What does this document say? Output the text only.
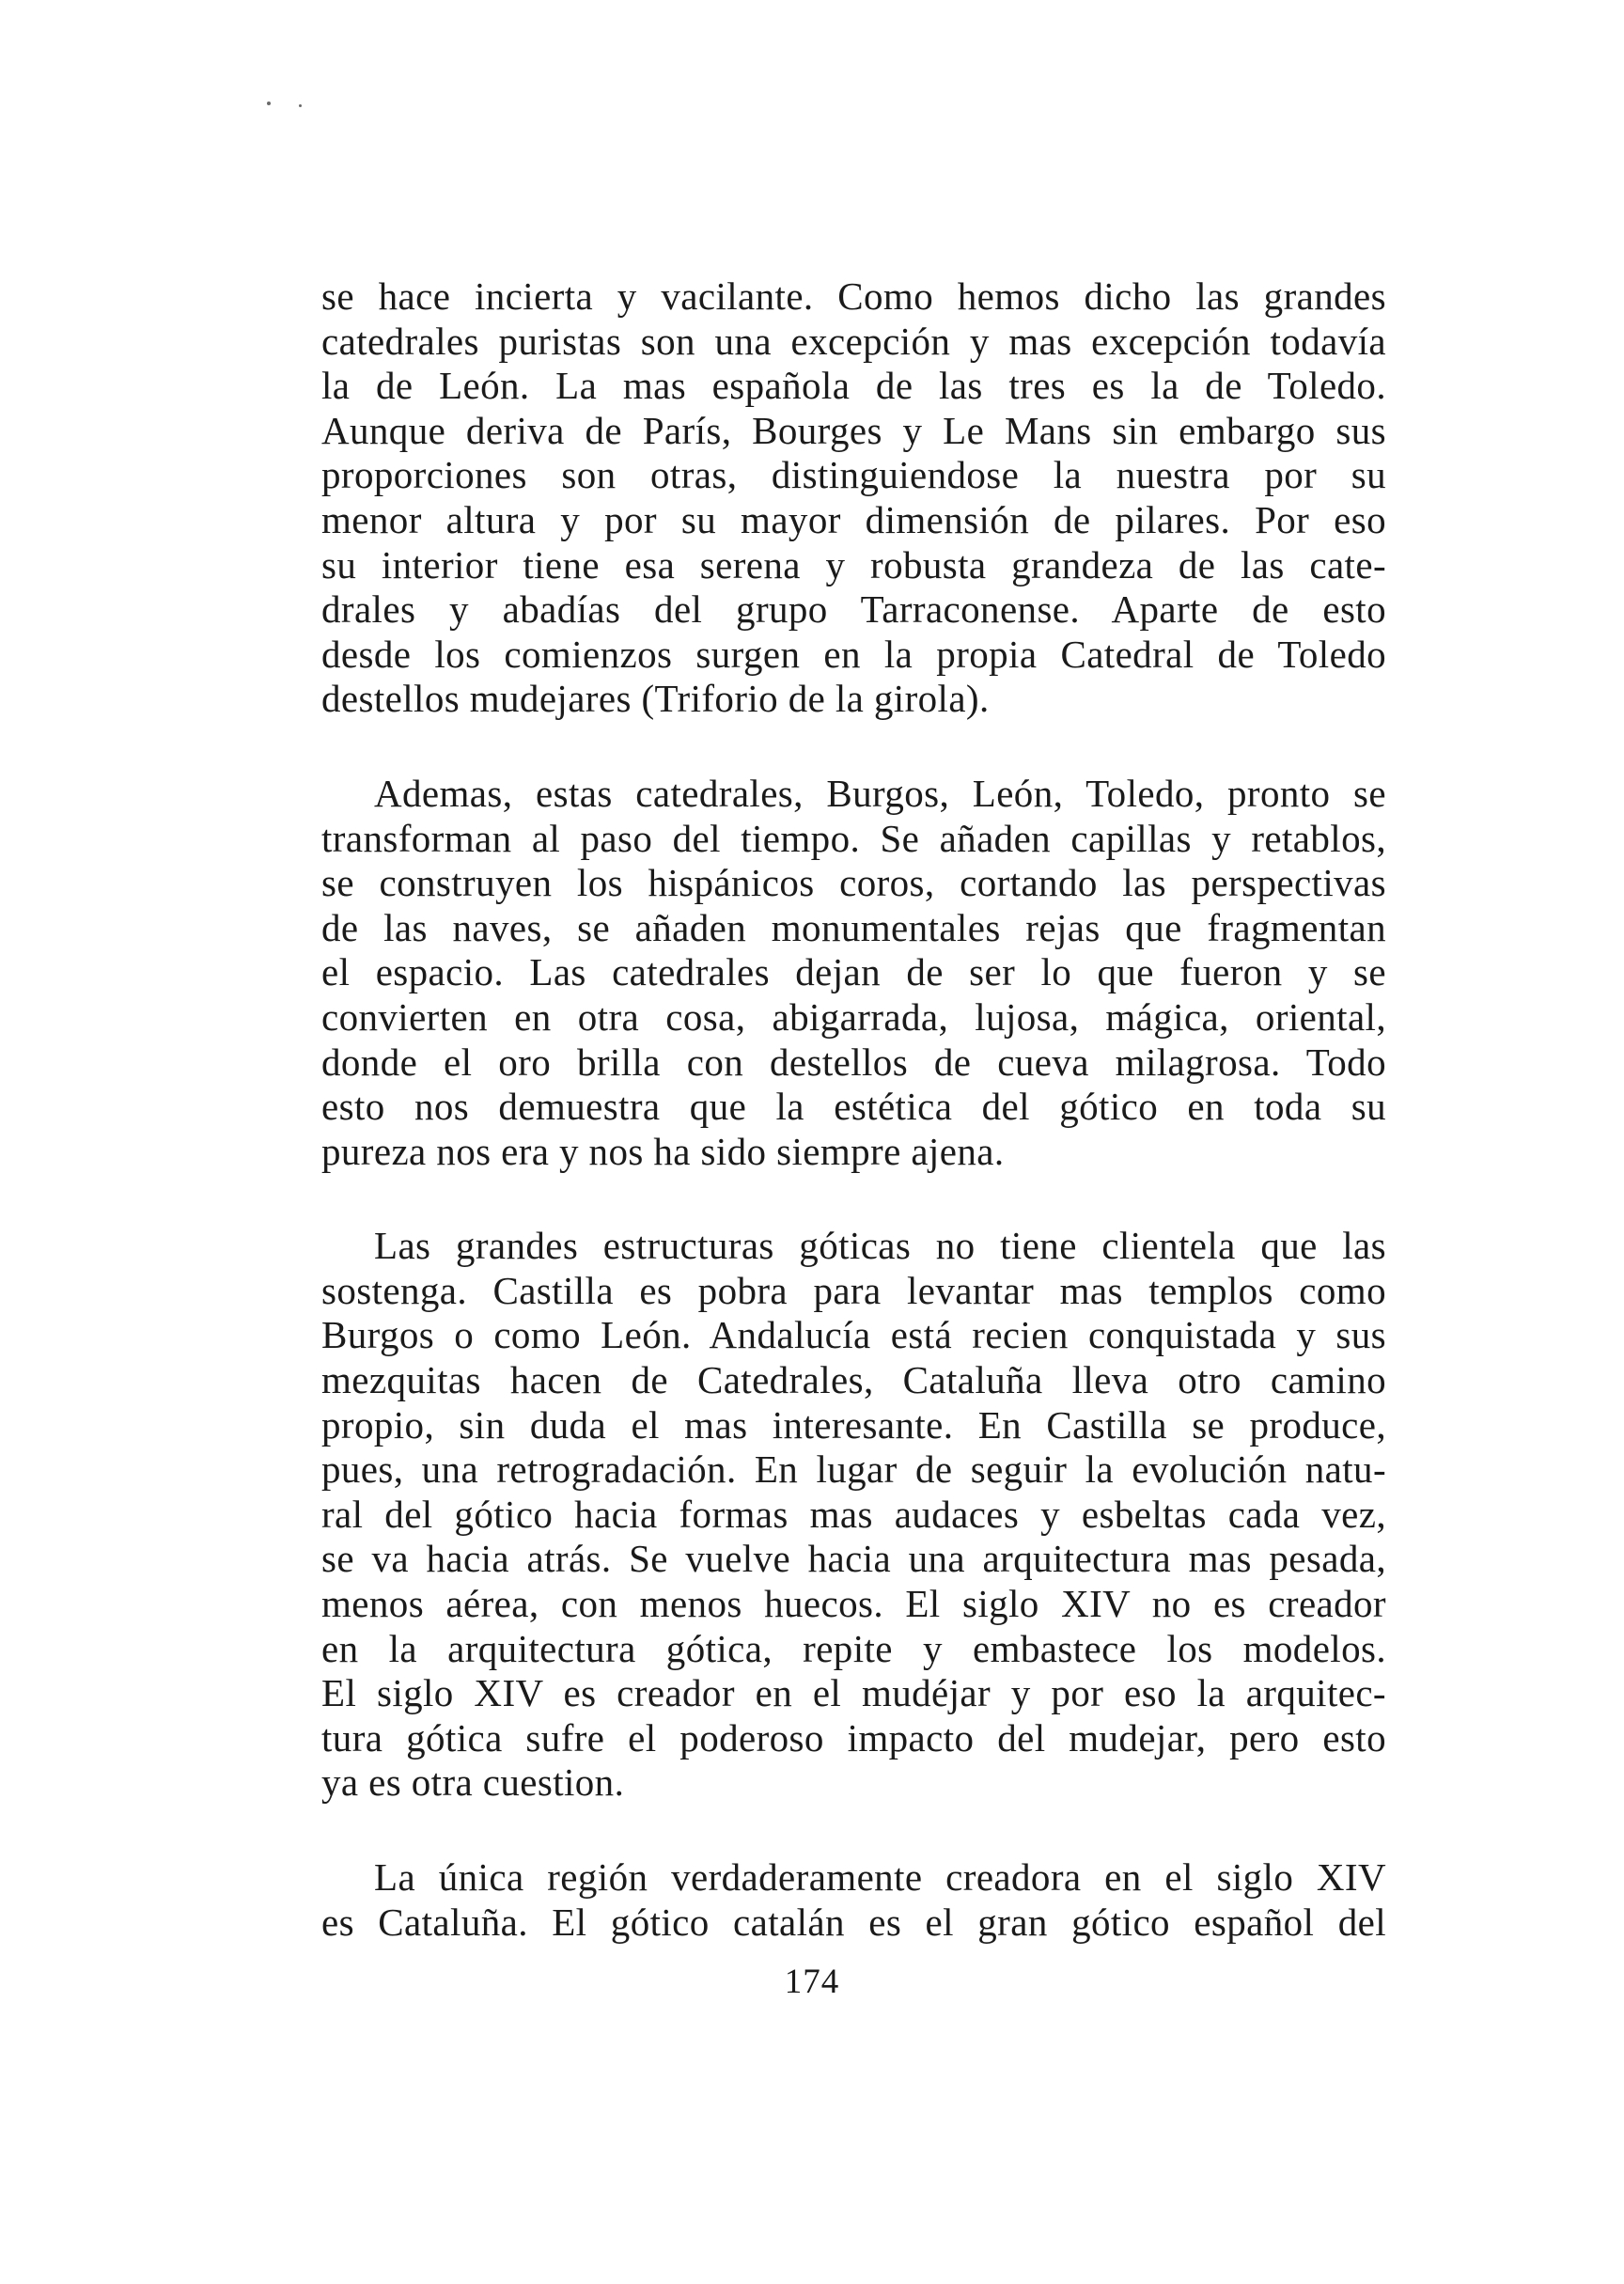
se hace incierta y vacilante. Como hemos dicho las grandes
catedrales puristas son una excepción y mas excepción todavía
la de León. La mas española de las tres es la de Toledo.
Aunque deriva de París, Bourges y Le Mans sin embargo sus
proporciones son otras, distinguiendose la nuestra por su
menor altura y por su mayor dimensión de pilares. Por eso
su interior tiene esa serena y robusta grandeza de las cate-
drales y abadías del grupo Tarraconense. Aparte de esto
desde los comienzos surgen en la propia Catedral de Toledo
destellos mudejares (Triforio de la girola).
Ademas, estas catedrales, Burgos, León, Toledo, pronto se
transforman al paso del tiempo. Se añaden capillas y retablos,
se construyen los hispánicos coros, cortando las perspectivas
de las naves, se añaden monumentales rejas que fragmentan
el espacio. Las catedrales dejan de ser lo que fueron y se
convierten en otra cosa, abigarrada, lujosa, mágica, oriental,
donde el oro brilla con destellos de cueva milagrosa. Todo
esto nos demuestra que la estética del gótico en toda su
pureza nos era y nos ha sido siempre ajena.
Las grandes estructuras góticas no tiene clientela que las
sostenga. Castilla es pobra para levantar mas templos como
Burgos o como León. Andalucía está recien conquistada y sus
mezquitas hacen de Catedrales, Cataluña lleva otro camino
propio, sin duda el mas interesante. En Castilla se produce,
pues, una retrogradación. En lugar de seguir la evolución natu-
ral del gótico hacia formas mas audaces y esbeltas cada vez,
se va hacia atrás. Se vuelve hacia una arquitectura mas pesada,
menos aérea, con menos huecos. El siglo XIV no es creador
en la arquitectura gótica, repite y embastece los modelos.
El siglo XIV es creador en el mudéjar y por eso la arquitec-
tura gótica sufre el poderoso impacto del mudejar, pero esto
ya es otra cuestion.
La única región verdaderamente creadora en el siglo XIV
es Cataluña. El gótico catalán es el gran gótico español del
174
